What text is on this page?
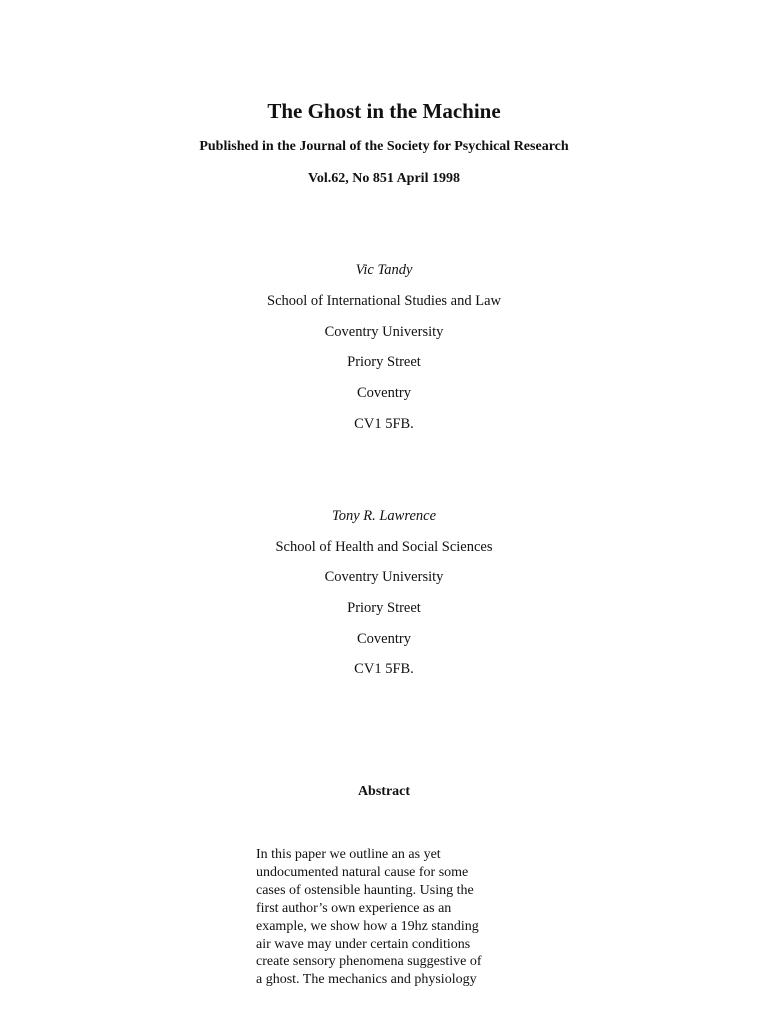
The Ghost in the Machine
Published in the Journal of the Society for Psychical Research
Vol.62, No 851 April 1998
Vic Tandy
School of International Studies and Law
Coventry University
Priory Street
Coventry
CV1 5FB.
Tony R. Lawrence
School of Health and Social Sciences
Coventry University
Priory Street
Coventry
CV1 5FB.
Abstract
In this paper we outline an as yet
undocumented natural cause for some
cases of ostensible haunting. Using the
first author’s own experience as an
example, we show how a 19hz standing
air wave may under certain conditions
create sensory phenomena suggestive of
a ghost. The mechanics and physiology
